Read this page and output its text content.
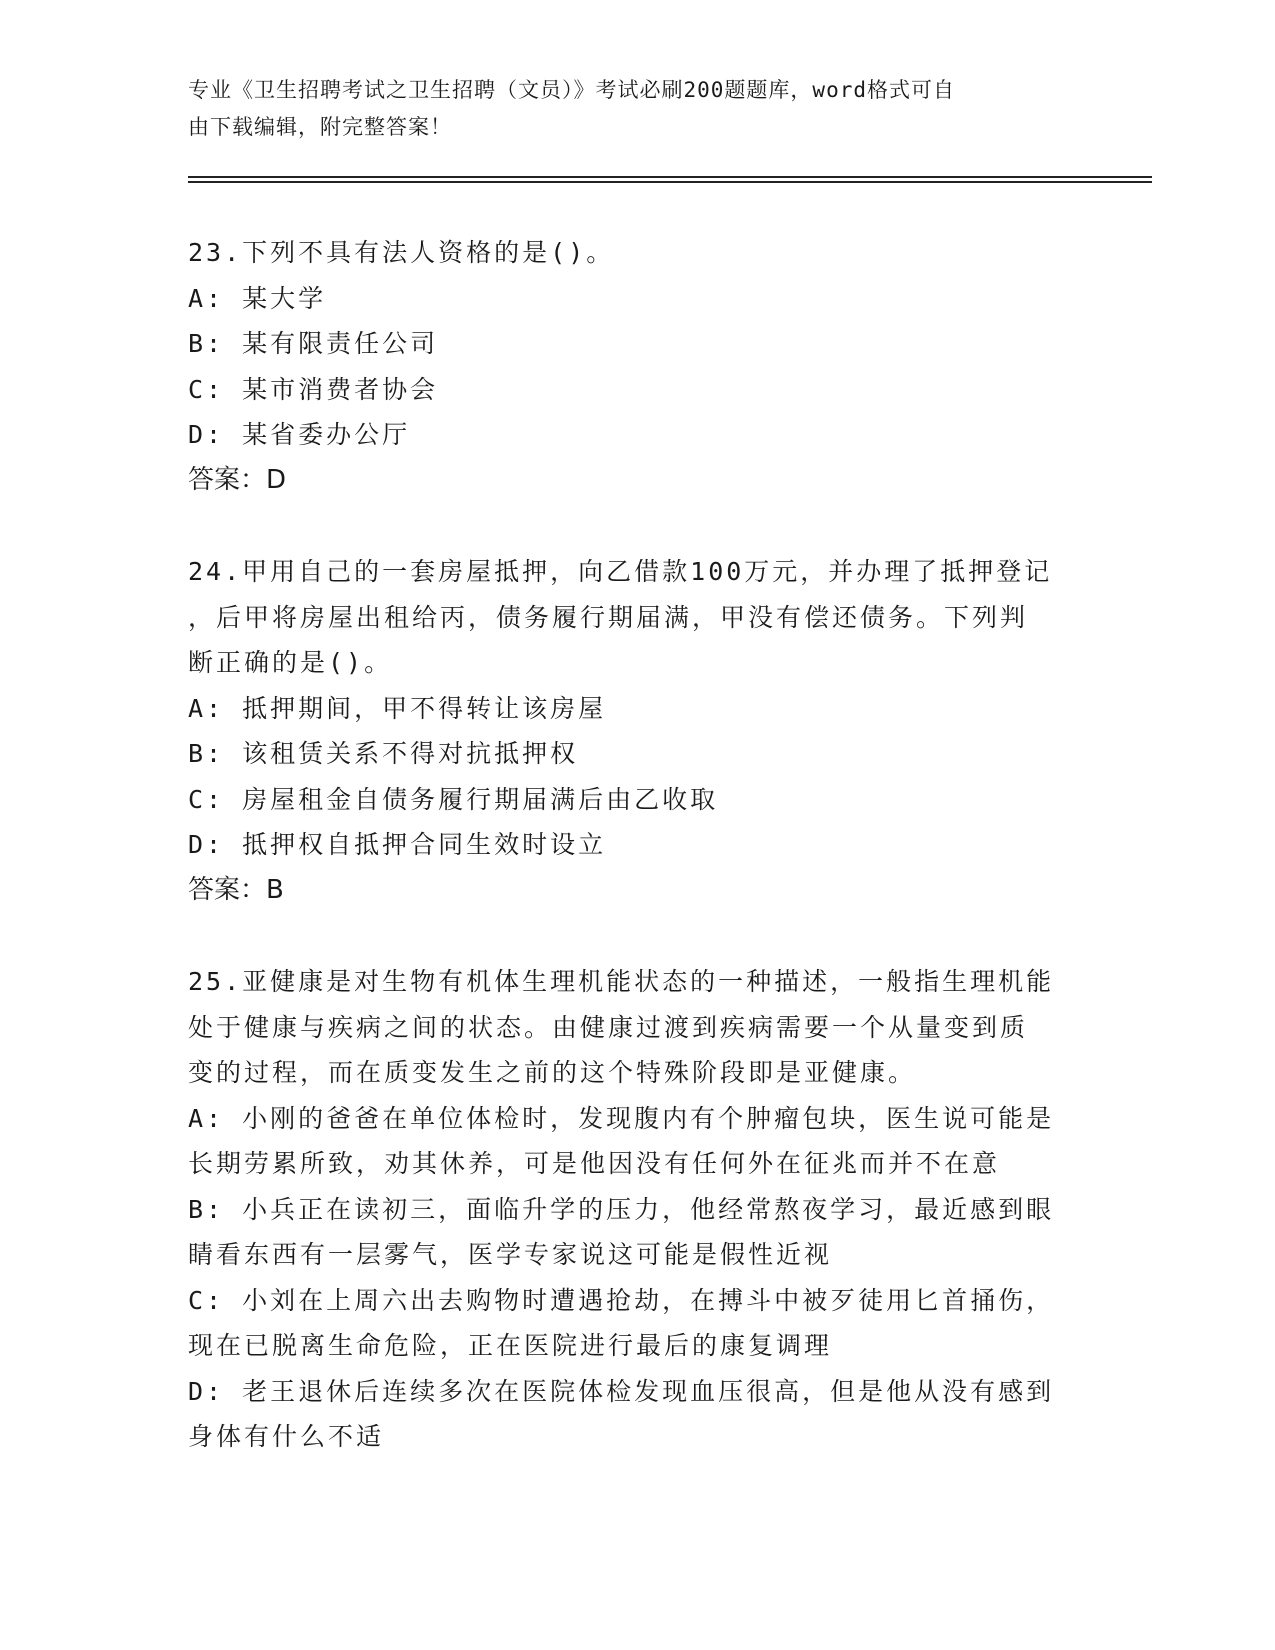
专业《卫生招聘考试之卫生招聘（文员）》考试必刷200题题库，word格式可自
由下载编辑，附完整答案！
23.下列不具有法人资格的是()。
A: 某大学
B: 某有限责任公司
C: 某市消费者协会
D: 某省委办公厅
答案：D
24.甲用自己的一套房屋抵押，向乙借款100万元，并办理了抵押登记
，后甲将房屋出租给丙，债务履行期届满，甲没有偿还债务。下列判
断正确的是()。
A: 抵押期间，甲不得转让该房屋
B: 该租赁关系不得对抗抵押权
C: 房屋租金自债务履行期届满后由乙收取
D: 抵押权自抵押合同生效时设立
答案：B
25.亚健康是对生物有机体生理机能状态的一种描述，一般指生理机能
处于健康与疾病之间的状态。由健康过渡到疾病需要一个从量变到质
变的过程，而在质变发生之前的这个特殊阶段即是亚健康。
A: 小刚的爸爸在单位体检时，发现腹内有个肿瘤包块，医生说可能是
长期劳累所致，劝其休养，可是他因没有任何外在征兆而并不在意
B: 小兵正在读初三，面临升学的压力，他经常熬夜学习，最近感到眼
睛看东西有一层雾气，医学专家说这可能是假性近视
C: 小刘在上周六出去购物时遭遇抢劫，在搏斗中被歹徒用匕首捅伤，
现在已脱离生命危险，正在医院进行最后的康复调理
D: 老王退休后连续多次在医院体检发现血压很高，但是他从没有感到
身体有什么不适
